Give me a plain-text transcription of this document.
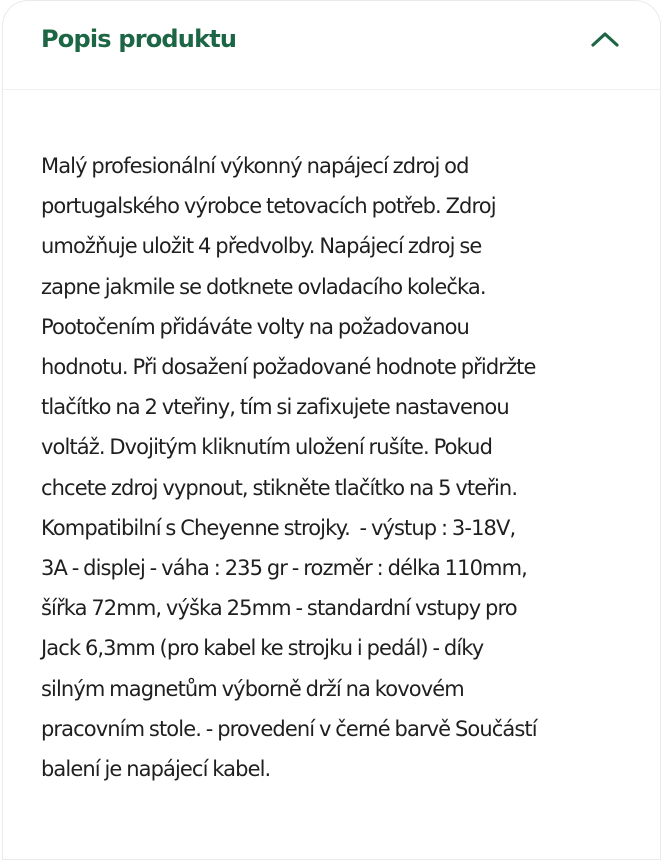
Popis produktu

Malý profesionální výkonný napájecí zdroj od
portugalského výrobce tetovacích potřeb. Zdroj
umožňuje uložit 4 předvolby. Napájecí zdroj se
zapne jakmile se dotknete ovladacího kolečka.
Pootočením přidáváte volty na požadovanou
hodnotu. Při dosažení požadované hodnote přidržte
tlačítko na 2 vteřiny, tím si zafixujete nastavenou
voltáž. Dvojitým kliknutím uložení rušíte. Pokud
chcete zdroj vypnout, stikněte tlačítko na 5 vteřin.
Kompatibilní s Cheyenne strojky.  - výstup : 3-18V,
3A - displej - váha : 235 gr - rozměr : délka 110mm,
šířka 72mm, výška 25mm - standardní vstupy pro
Jack 6,3mm (pro kabel ke strojku i pedál) - díky
silným magnetům výborně drží na kovovém
pracovním stole. - provedení v černé barvě Součástí
balení je napájecí kabel.
